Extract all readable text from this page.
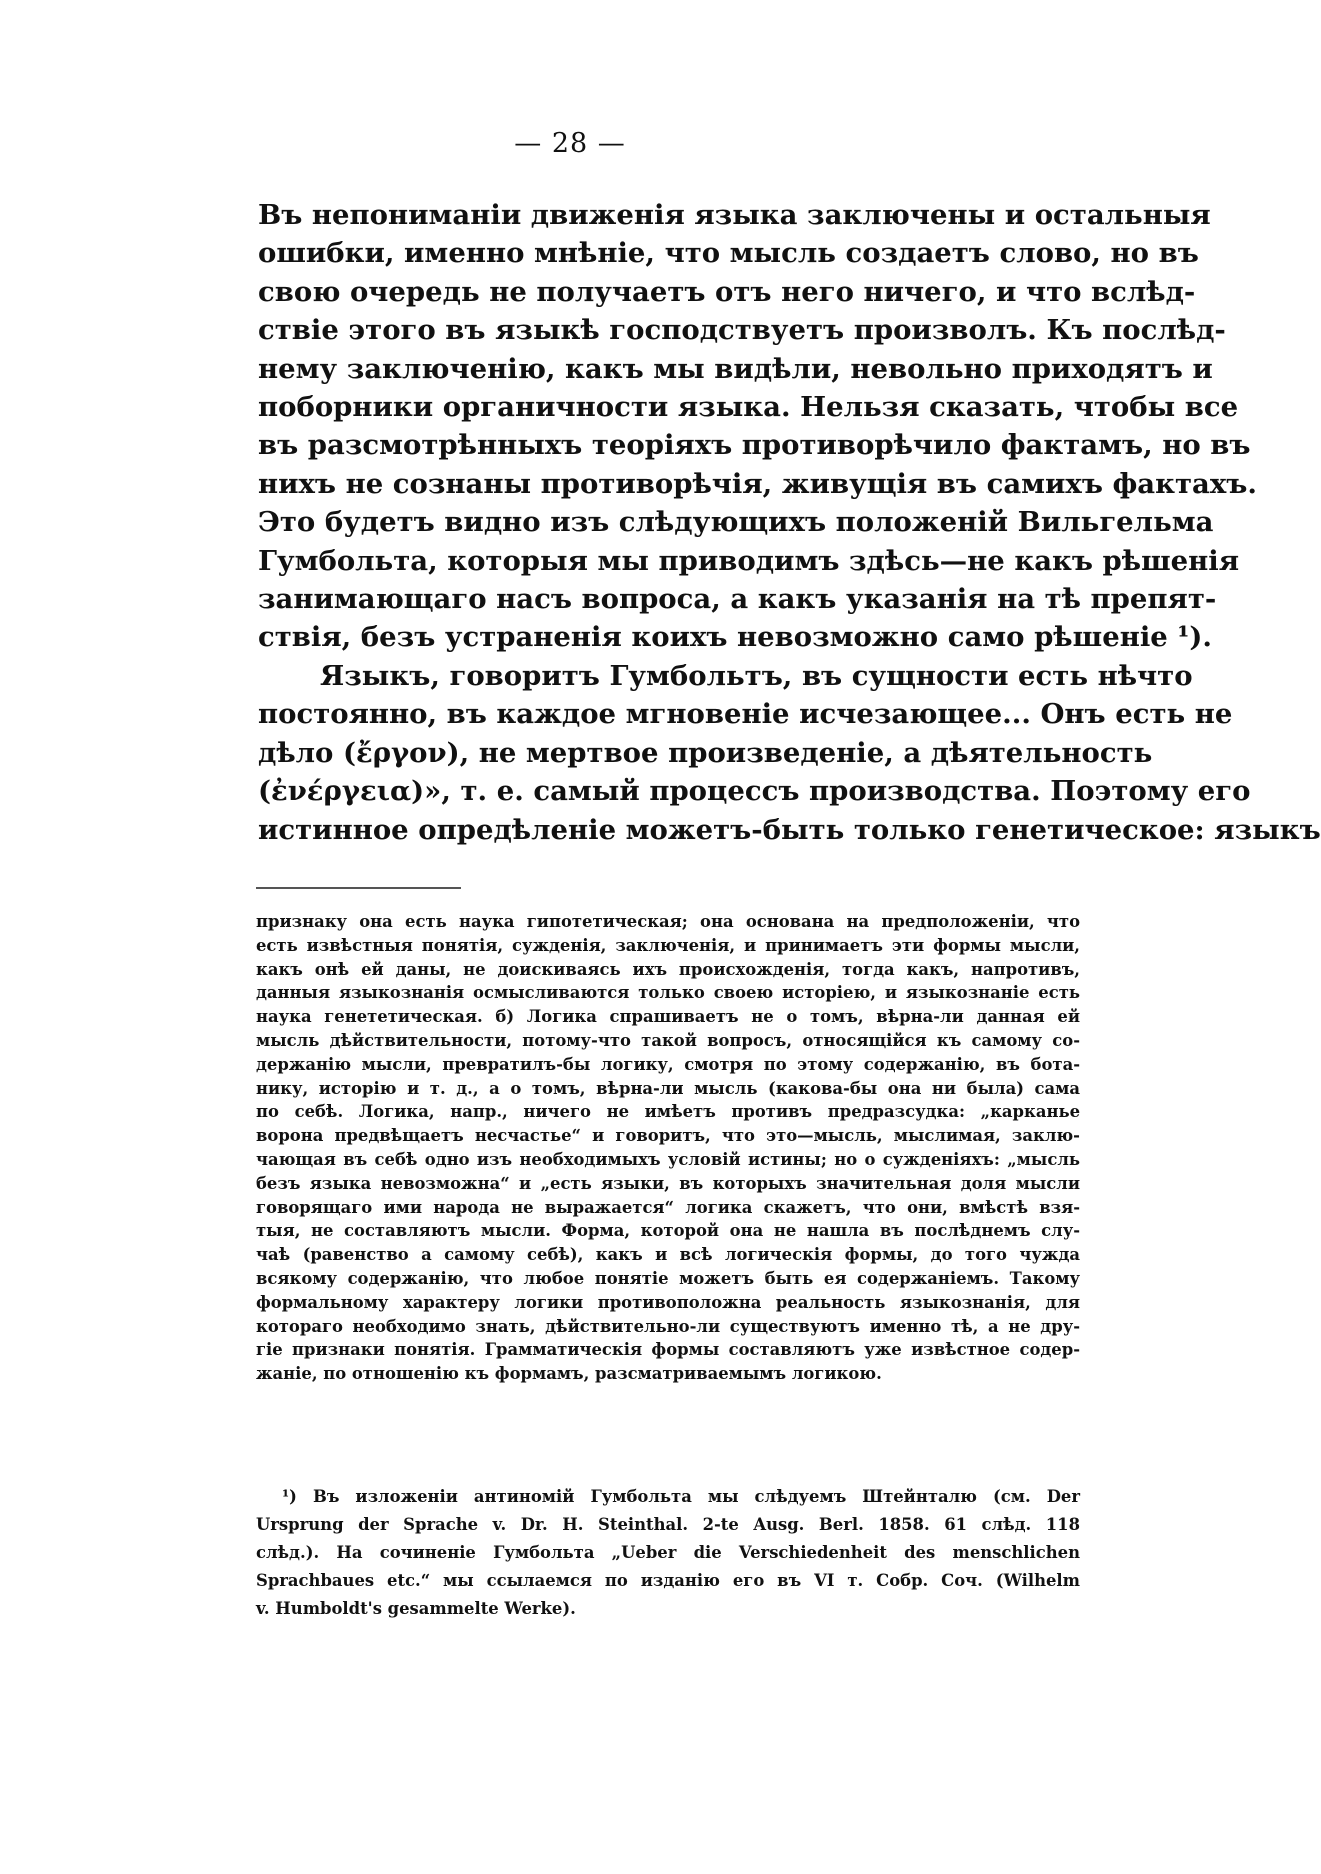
— 28 —
Въ непониманіи движенія языка заключены и остальныя
ошибки, именно мнѣніе, что мысль создаетъ слово, но въ
свою очередь не получаетъ отъ него ничего, и что вслѣд-
ствіе этого въ языкѣ господствуетъ произволъ. Къ послѣд-
нему заключенію, какъ мы видѣли, невольно приходятъ и
поборники органичности языка. Нельзя сказать, чтобы все
въ разсмотрѣнныхъ теоріяхъ противорѣчило фактамъ, но въ
нихъ не сознаны противорѣчія, живущія въ самихъ фактахъ.
Это будетъ видно изъ слѣдующихъ положеній Вильгельма
Гумбольта, которыя мы приводимъ здѣсь—не какъ рѣшенія
занимающаго насъ вопроса, а какъ указанія на тѣ препят-
ствія, безъ устраненія коихъ невозможно само рѣшеніе ¹).
Языкъ, говоритъ Гумбольтъ, въ сущности есть нѣчто
постоянно, въ каждое мгновеніе исчезающее... Онъ есть не
дѣло (ἔργον), не мертвое произведеніе, а дѣятельность
(ἐνέργεια)», т. е. самый процессъ производства. Поэтому его
истинное опредѣленіе можетъ-быть только генетическое: языкъ
признаку она есть наука гипотетическая; она основана на предположеніи, что
есть извѣстныя понятія, сужденія, заключенія, и принимаетъ эти формы мысли,
какъ онѣ ей даны, не доискиваясь ихъ происхожденія, тогда какъ, напротивъ,
данныя языкознанія осмысливаются только своею исторіею, и языкознаніе есть
наука генететическая. б) Логика спрашиваетъ не о томъ, вѣрна-ли данная ей
мысль дѣйствительности, потому-что такой вопросъ, относящійся къ самому со-
держанію мысли, превратилъ-бы логику, смотря по этому содержанію, въ бота-
нику, исторію и т. д., а о томъ, вѣрна-ли мысль (какова-бы она ни была) сама
по себѣ. Логика, напр., ничего не имѣетъ противъ предразсудка: „карканье
ворона предвѣщаетъ несчастье“ и говоритъ, что это—мысль, мыслимая, заклю-
чающая въ себѣ одно изъ необходимыхъ условій истины; но о сужденіяхъ: „мысль
безъ языка невозможна“ и „есть языки, въ которыхъ значительная доля мысли
говорящаго ими народа не выражается“ логика скажетъ, что они, вмѣстѣ взя-
тыя, не составляютъ мысли. Форма, которой она не нашла въ послѣднемъ слу-
чаѣ (равенство а самому себѣ), какъ и всѣ логическія формы, до того чужда
всякому содержанію, что любое понятіе можетъ быть ея содержаніемъ. Такому
формальному характеру логики противоположна реальность языкознанія, для
котораго необходимо знать, дѣйствительно-ли существуютъ именно тѣ, а не дру-
гіе признаки понятія. Грамматическія формы составляютъ уже извѣстное содер-
жаніе, по отношенію къ формамъ, разсматриваемымъ логикою.
¹) Въ изложеніи антиномій Гумбольта мы слѣдуемъ Штейнталю (см. Der
Ursprung der Sprache v. Dr. H. Steinthal. 2-te Ausg. Berl. 1858. 61 слѣд. 118
слѣд.). На сочиненіе Гумбольта „Ueber die Verschiedenheit des menschlichen
Sprachbaues etc.“ мы ссылаемся по изданію его въ VI т. Собр. Соч. (Wilhelm
v. Humboldt's gesammelte Werke).
